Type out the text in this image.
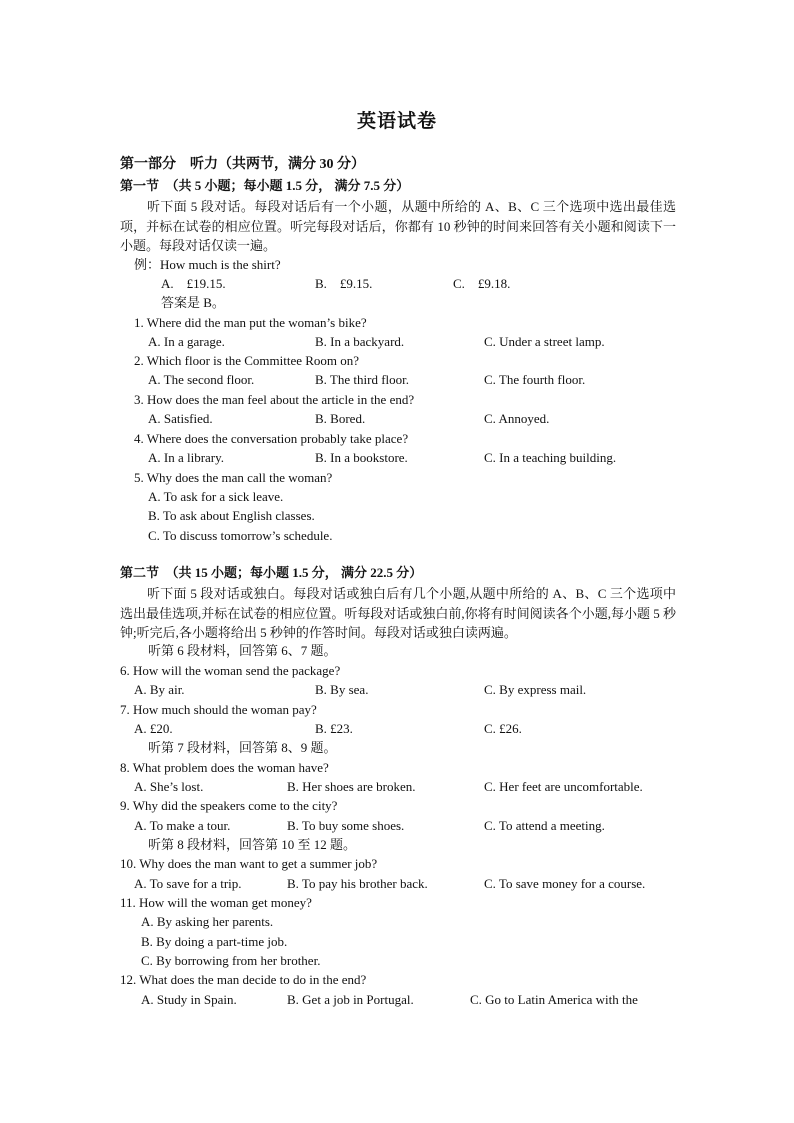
英语试卷
第一部分　听力（共两节，满分 30 分）
第一节　（共 5 小题；每小题 1.5 分， 满分 7.5 分）
听下面 5 段对话。每段对话后有一个小题，从题中所给的 A、B、C 三个选项中选出最佳选项，并标在试卷的相应位置。听完每段对话后，你都有 10 秒钟的时间来回答有关小题和阅读下一小题。每段对话仅读一遍。
例：How much is the shirt?
A.　£19.15.	B.　£9.15.	C.　£9.18.
答案是 B。
1. Where did the man put the woman’s bike?
A. In a garage.	B. In a backyard.	C. Under a street lamp.
2. Which floor is the Committee Room on?
A. The second floor.	B. The third floor.	C. The fourth floor.
3. How does the man feel about the article in the end?
A. Satisfied.	B. Bored.	C. Annoyed.
4. Where does the conversation probably take place?
A. In a library.	B. In a bookstore.	C. In a teaching building.
5. Why does the man call the woman?
A. To ask for a sick leave.
B. To ask about English classes.
C. To discuss tomorrow’s schedule.
第二节　（共 15 小题；每小题 1.5 分， 满分 22.5 分）
听下面 5 段对话或独白。每段对话或独白后有几个小题,从题中所给的 A、B、C 三个选项中选出最佳选项,并标在试卷的相应位置。听每段对话或独白前,你将有时间阅读各个小题,每小题 5 秒钟;听完后,各小题将给出 5 秒钟的作答时间。每段对话或独白读两遍。
听第 6 段材料，回答第 6、7 题。
6. How will the woman send the package?
A. By air.	B. By sea.	C. By express mail.
7. How much should the woman pay?
A. £20.	B. £23.	C. £26.
听第 7 段材料，回答第 8、9 题。
8. What problem does the woman have?
A. She’s lost.	B. Her shoes are broken.	C. Her feet are uncomfortable.
9. Why did the speakers come to the city?
A. To make a tour.	B. To buy some shoes.	C. To attend a meeting.
听第 8 段材料，回答第 10 至 12 题。
10. Why does the man want to get a summer job?
A. To save for a trip.	B. To pay his brother back.	C. To save money for a course.
11. How will the woman get money?
A. By asking her parents.
B. By doing a part-time job.
C. By borrowing from her brother.
12. What does the man decide to do in the end?
A. Study in Spain.	B. Get a job in Portugal.	C. Go to Latin America with the
